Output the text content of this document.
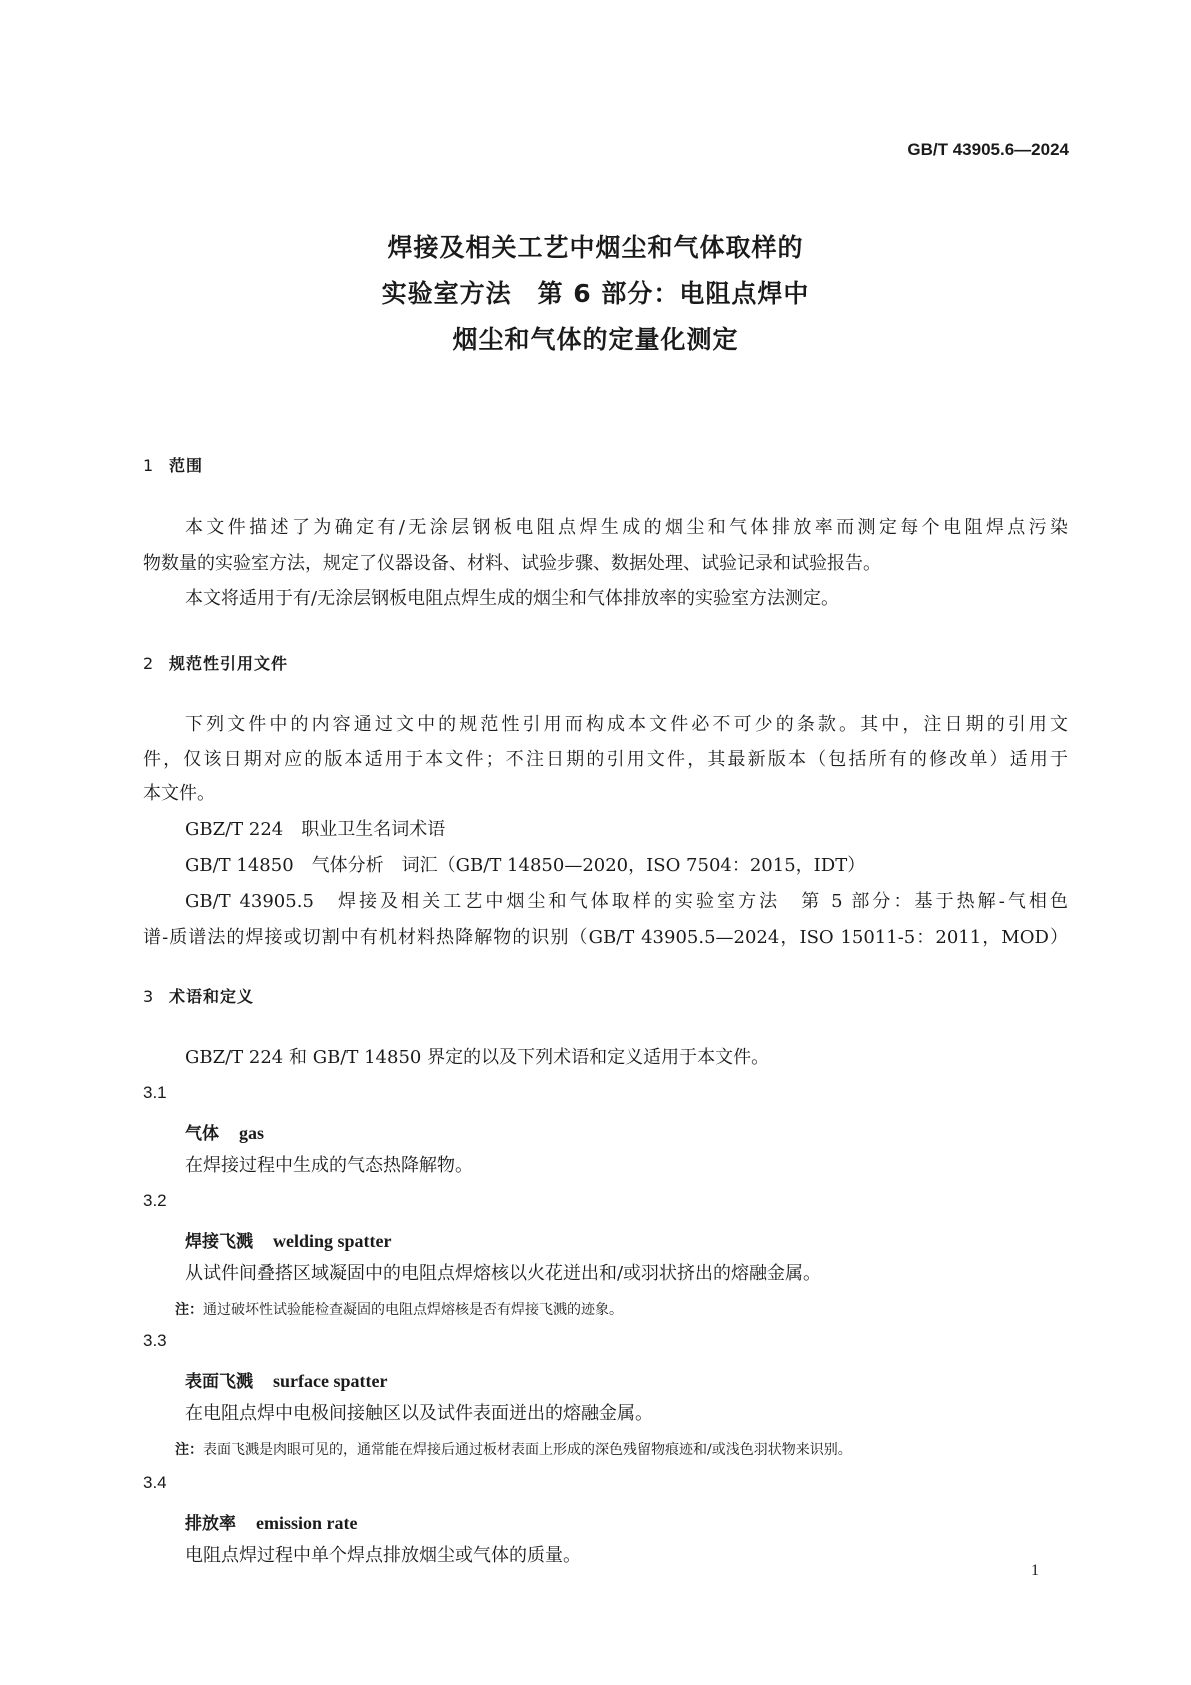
GB/T 43905.6—2024
焊接及相关工艺中烟尘和气体取样的
实验室方法　第 6 部分：电阻点焊中
烟尘和气体的定量化测定
1 范围
本文件描述了为确定有/无涂层钢板电阻点焊生成的烟尘和气体排放率而测定每个电阻焊点污染
物数量的实验室方法，规定了仪器设备、材料、试验步骤、数据处理、试验记录和试验报告。
本文将适用于有/无涂层钢板电阻点焊生成的烟尘和气体排放率的实验室方法测定。
2 规范性引用文件
下列文件中的内容通过文中的规范性引用而构成本文件必不可少的条款。其中，注日期的引用文
件，仅该日期对应的版本适用于本文件；不注日期的引用文件，其最新版本（包括所有的修改单）适用于
本文件。
GBZ/T 224　职业卫生名词术语
GB/T 14850　气体分析　词汇（GB/T 14850—2020，ISO 7504：2015，IDT）
GB/T 43905.5　焊接及相关工艺中烟尘和气体取样的实验室方法　第 5 部分：基于热解-气相色
谱-质谱法的焊接或切割中有机材料热降解物的识别（GB/T 43905.5—2024，ISO 15011-5：2011，MOD）
3 术语和定义
GBZ/T 224 和 GB/T 14850 界定的以及下列术语和定义适用于本文件。
3.1
气体 gas
在焊接过程中生成的气态热降解物。
3.2
焊接飞溅 welding spatter
从试件间叠搭区域凝固中的电阻点焊熔核以火花迸出和/或羽状挤出的熔融金属。
注：通过破坏性试验能检查凝固的电阻点焊熔核是否有焊接飞溅的迹象。
3.3
表面飞溅 surface spatter
在电阻点焊中电极间接触区以及试件表面迸出的熔融金属。
注：表面飞溅是肉眼可见的，通常能在焊接后通过板材表面上形成的深色残留物痕迹和/或浅色羽状物来识别。
3.4
排放率 emission rate
电阻点焊过程中单个焊点排放烟尘或气体的质量。
1
